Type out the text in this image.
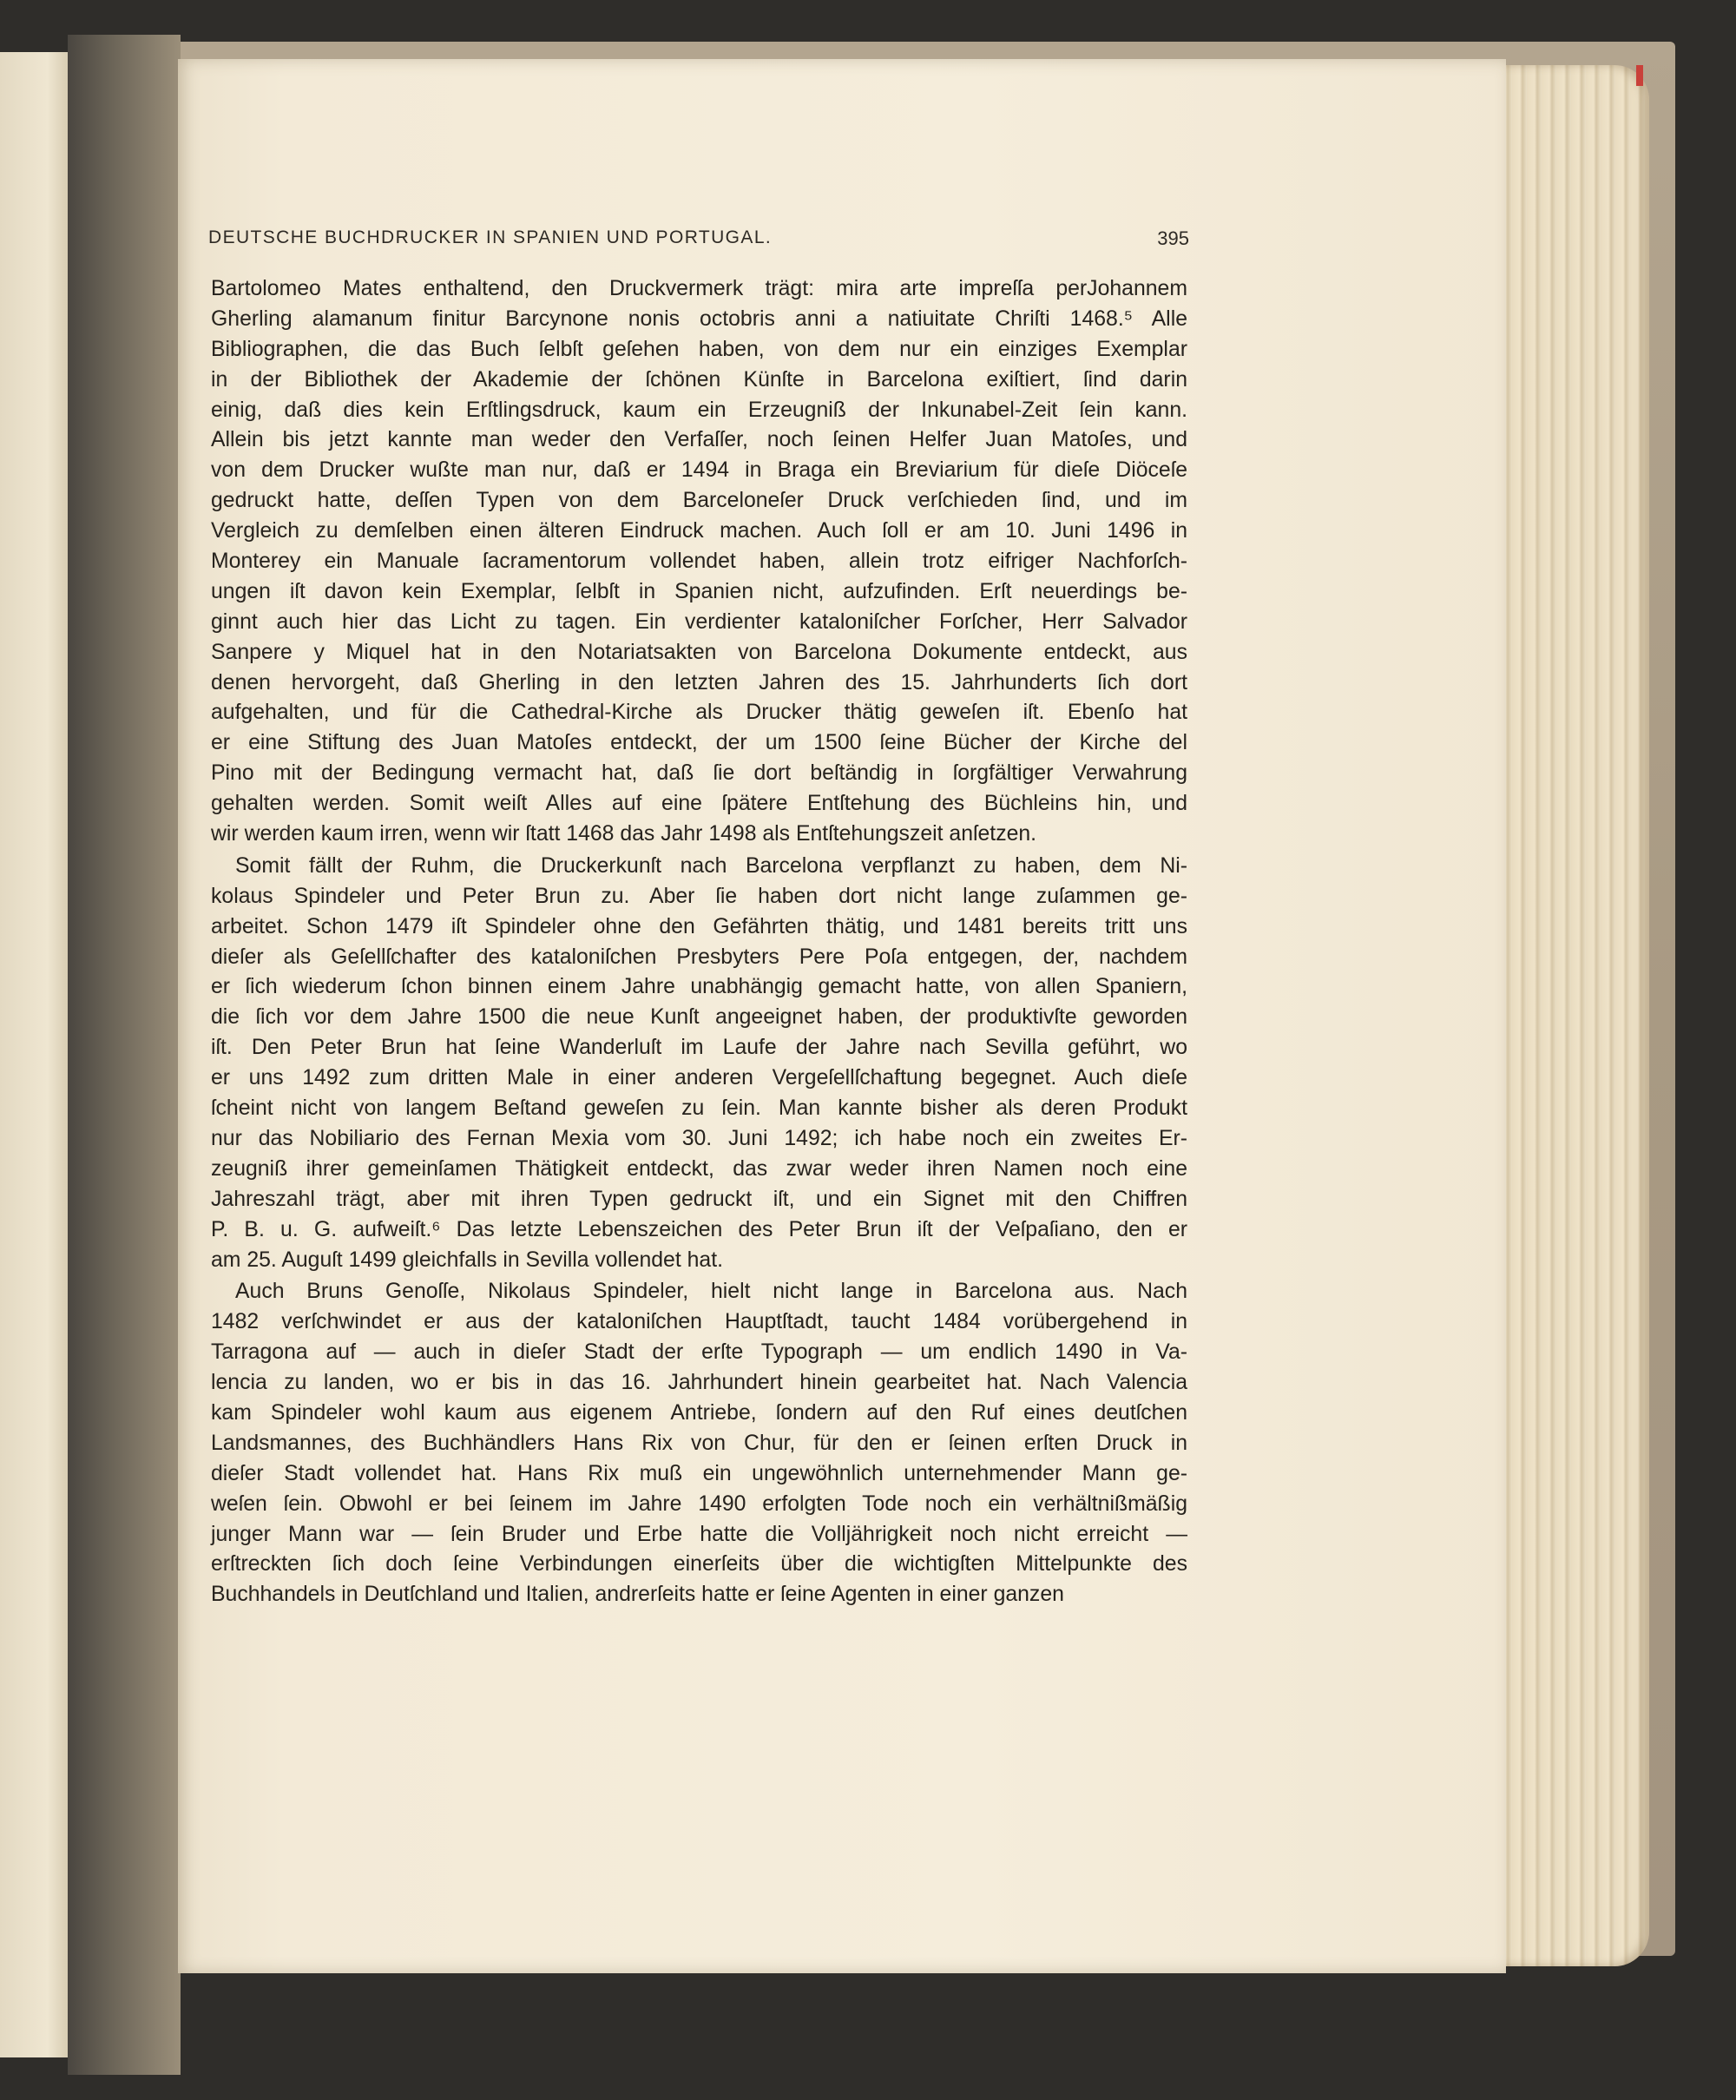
DEUTSCHE BUCHDRUCKER IN SPANIEN UND PORTUGAL.	395
Bartolomeo Mates enthaltend, den Druckvermerk trägt: mira arte impreſſa perJohannem
Gherling alamanum finitur Barcynone nonis octobris anni a natiuitate Chriſti 1468.⁵ Alle
Bibliographen, die das Buch ſelbſt geſehen haben, von dem nur ein einziges Exemplar
in der Bibliothek der Akademie der ſchönen Künſte in Barcelona exiſtiert, ſind darin
einig, daß dies kein Erſtlingsdruck, kaum ein Erzeugniß der Inkunabel-Zeit ſein kann.
Allein bis jetzt kannte man weder den Verfaſſer, noch ſeinen Helfer Juan Matoſes, und
von dem Drucker wußte man nur, daß er 1494 in Braga ein Breviarium für dieſe Diöceſe
gedruckt hatte, deſſen Typen von dem Barceloneſer Druck verſchieden ſind, und im
Vergleich zu demſelben einen älteren Eindruck machen. Auch ſoll er am 10. Juni 1496 in
Monterey ein Manuale ſacramentorum vollendet haben, allein trotz eifriger Nachforſch-
ungen iſt davon kein Exemplar, ſelbſt in Spanien nicht, aufzufinden. Erſt neuerdings be-
ginnt auch hier das Licht zu tagen. Ein verdienter kataloniſcher Forſcher, Herr Salvador
Sanpere y Miquel hat in den Notariatsakten von Barcelona Dokumente entdeckt, aus
denen hervorgeht, daß Gherling in den letzten Jahren des 15. Jahrhunderts ſich dort
aufgehalten, und für die Cathedral-Kirche als Drucker thätig geweſen iſt. Ebenſo hat
er eine Stiftung des Juan Matoſes entdeckt, der um 1500 ſeine Bücher der Kirche del
Pino mit der Bedingung vermacht hat, daß ſie dort beſtändig in ſorgfältiger Verwahrung
gehalten werden. Somit weiſt Alles auf eine ſpätere Entſtehung des Büchleins hin, und
wir werden kaum irren, wenn wir ſtatt 1468 das Jahr 1498 als Entſtehungszeit anſetzen.
Somit fällt der Ruhm, die Druckerkunſt nach Barcelona verpflanzt zu haben, dem Ni-
kolaus Spindeler und Peter Brun zu. Aber ſie haben dort nicht lange zuſammen ge-
arbeitet. Schon 1479 iſt Spindeler ohne den Gefährten thätig, und 1481 bereits tritt uns
dieſer als Geſellſchafter des kataloniſchen Presbyters Pere Poſa entgegen, der, nachdem
er ſich wiederum ſchon binnen einem Jahre unabhängig gemacht hatte, von allen Spaniern,
die ſich vor dem Jahre 1500 die neue Kunſt angeeignet haben, der produktivſte geworden
iſt. Den Peter Brun hat ſeine Wanderluſt im Laufe der Jahre nach Sevilla geführt, wo
er uns 1492 zum dritten Male in einer anderen Vergeſellſchaftung begegnet. Auch dieſe
ſcheint nicht von langem Beſtand geweſen zu ſein. Man kannte bisher als deren Produkt
nur das Nobiliario des Fernan Mexia vom 30. Juni 1492; ich habe noch ein zweites Er-
zeugniß ihrer gemeinſamen Thätigkeit entdeckt, das zwar weder ihren Namen noch eine
Jahreszahl trägt, aber mit ihren Typen gedruckt iſt, und ein Signet mit den Chiffren
P. B. u. G. aufweiſt.⁶ Das letzte Lebenszeichen des Peter Brun iſt der Veſpaſiano, den er
am 25. Auguſt 1499 gleichfalls in Sevilla vollendet hat.
Auch Bruns Genoſſe, Nikolaus Spindeler, hielt nicht lange in Barcelona aus. Nach
1482 verſchwindet er aus der kataloniſchen Hauptſtadt, taucht 1484 vorübergehend in
Tarragona auf — auch in dieſer Stadt der erſte Typograph — um endlich 1490 in Va-
lencia zu landen, wo er bis in das 16. Jahrhundert hinein gearbeitet hat. Nach Valencia
kam Spindeler wohl kaum aus eigenem Antriebe, ſondern auf den Ruf eines deutſchen
Landsmannes, des Buchhändlers Hans Rix von Chur, für den er ſeinen erſten Druck in
dieſer Stadt vollendet hat. Hans Rix muß ein ungewöhnlich unternehmender Mann ge-
weſen ſein. Obwohl er bei ſeinem im Jahre 1490 erfolgten Tode noch ein verhältnißmäßig
junger Mann war — ſein Bruder und Erbe hatte die Volljährigkeit noch nicht erreicht —
erſtreckten ſich doch ſeine Verbindungen einerſeits über die wichtigſten Mittelpunkte des
Buchhandels in Deutſchland und Italien, andrerſeits hatte er ſeine Agenten in einer ganzen
